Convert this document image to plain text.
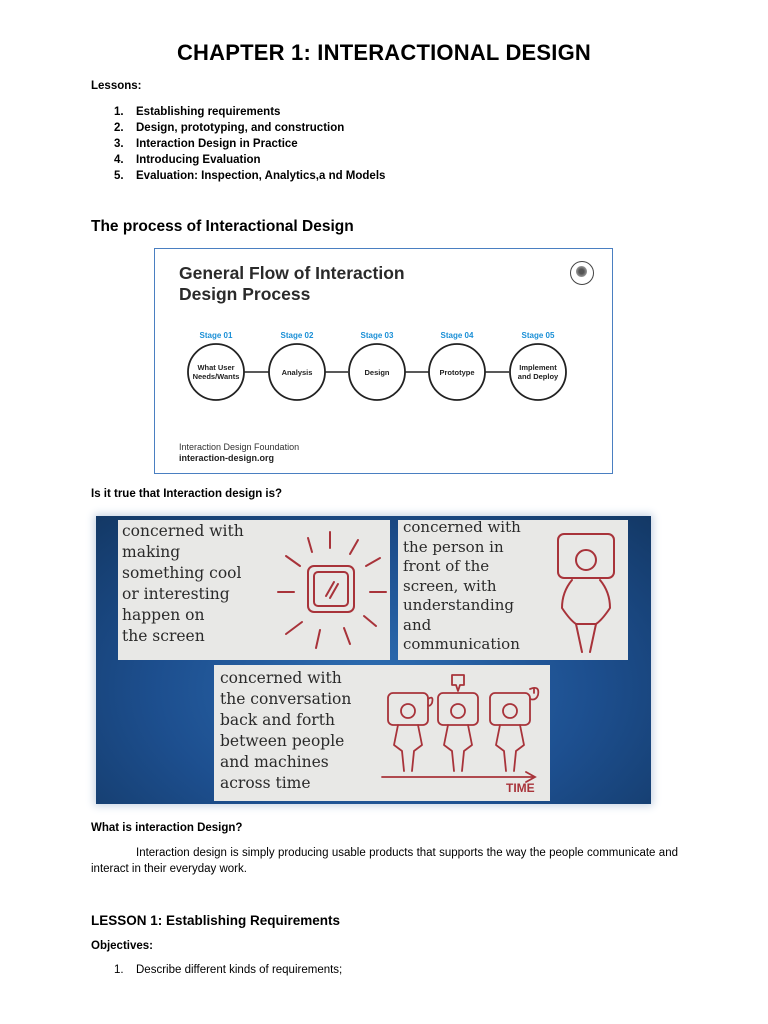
CHAPTER 1: INTERACTIONAL DESIGN
Lessons:
1.	Establishing requirements
2.	Design, prototyping, and construction
3.	Interaction Design in Practice
4.	Introducing Evaluation
5.	Evaluation: Inspection, Analytics,a nd Models
The process of Interactional Design
General Flow of Interaction
Design Process
Stage 01
What User
Needs/Wants
Stage 02
Analysis
Stage 03
Design
Stage 04
Prototype
Stage 05
Implement
and Deploy
Interaction Design Foundation
interaction-design.org
Is it true that Interaction design is?
concerned with
making
something cool
or interesting
happen on
the screen
concerned with
the person in
front of the
screen, with
understanding
and
communication
concerned with
the conversation
back and forth
between people
and machines
across time	TIME
What is interaction Design?
Interaction design is simply producing usable products that supports the way the people communicate and interact in their everyday work.
LESSON 1: Establishing Requirements
Objectives:
1.	Describe different kinds of requirements;
